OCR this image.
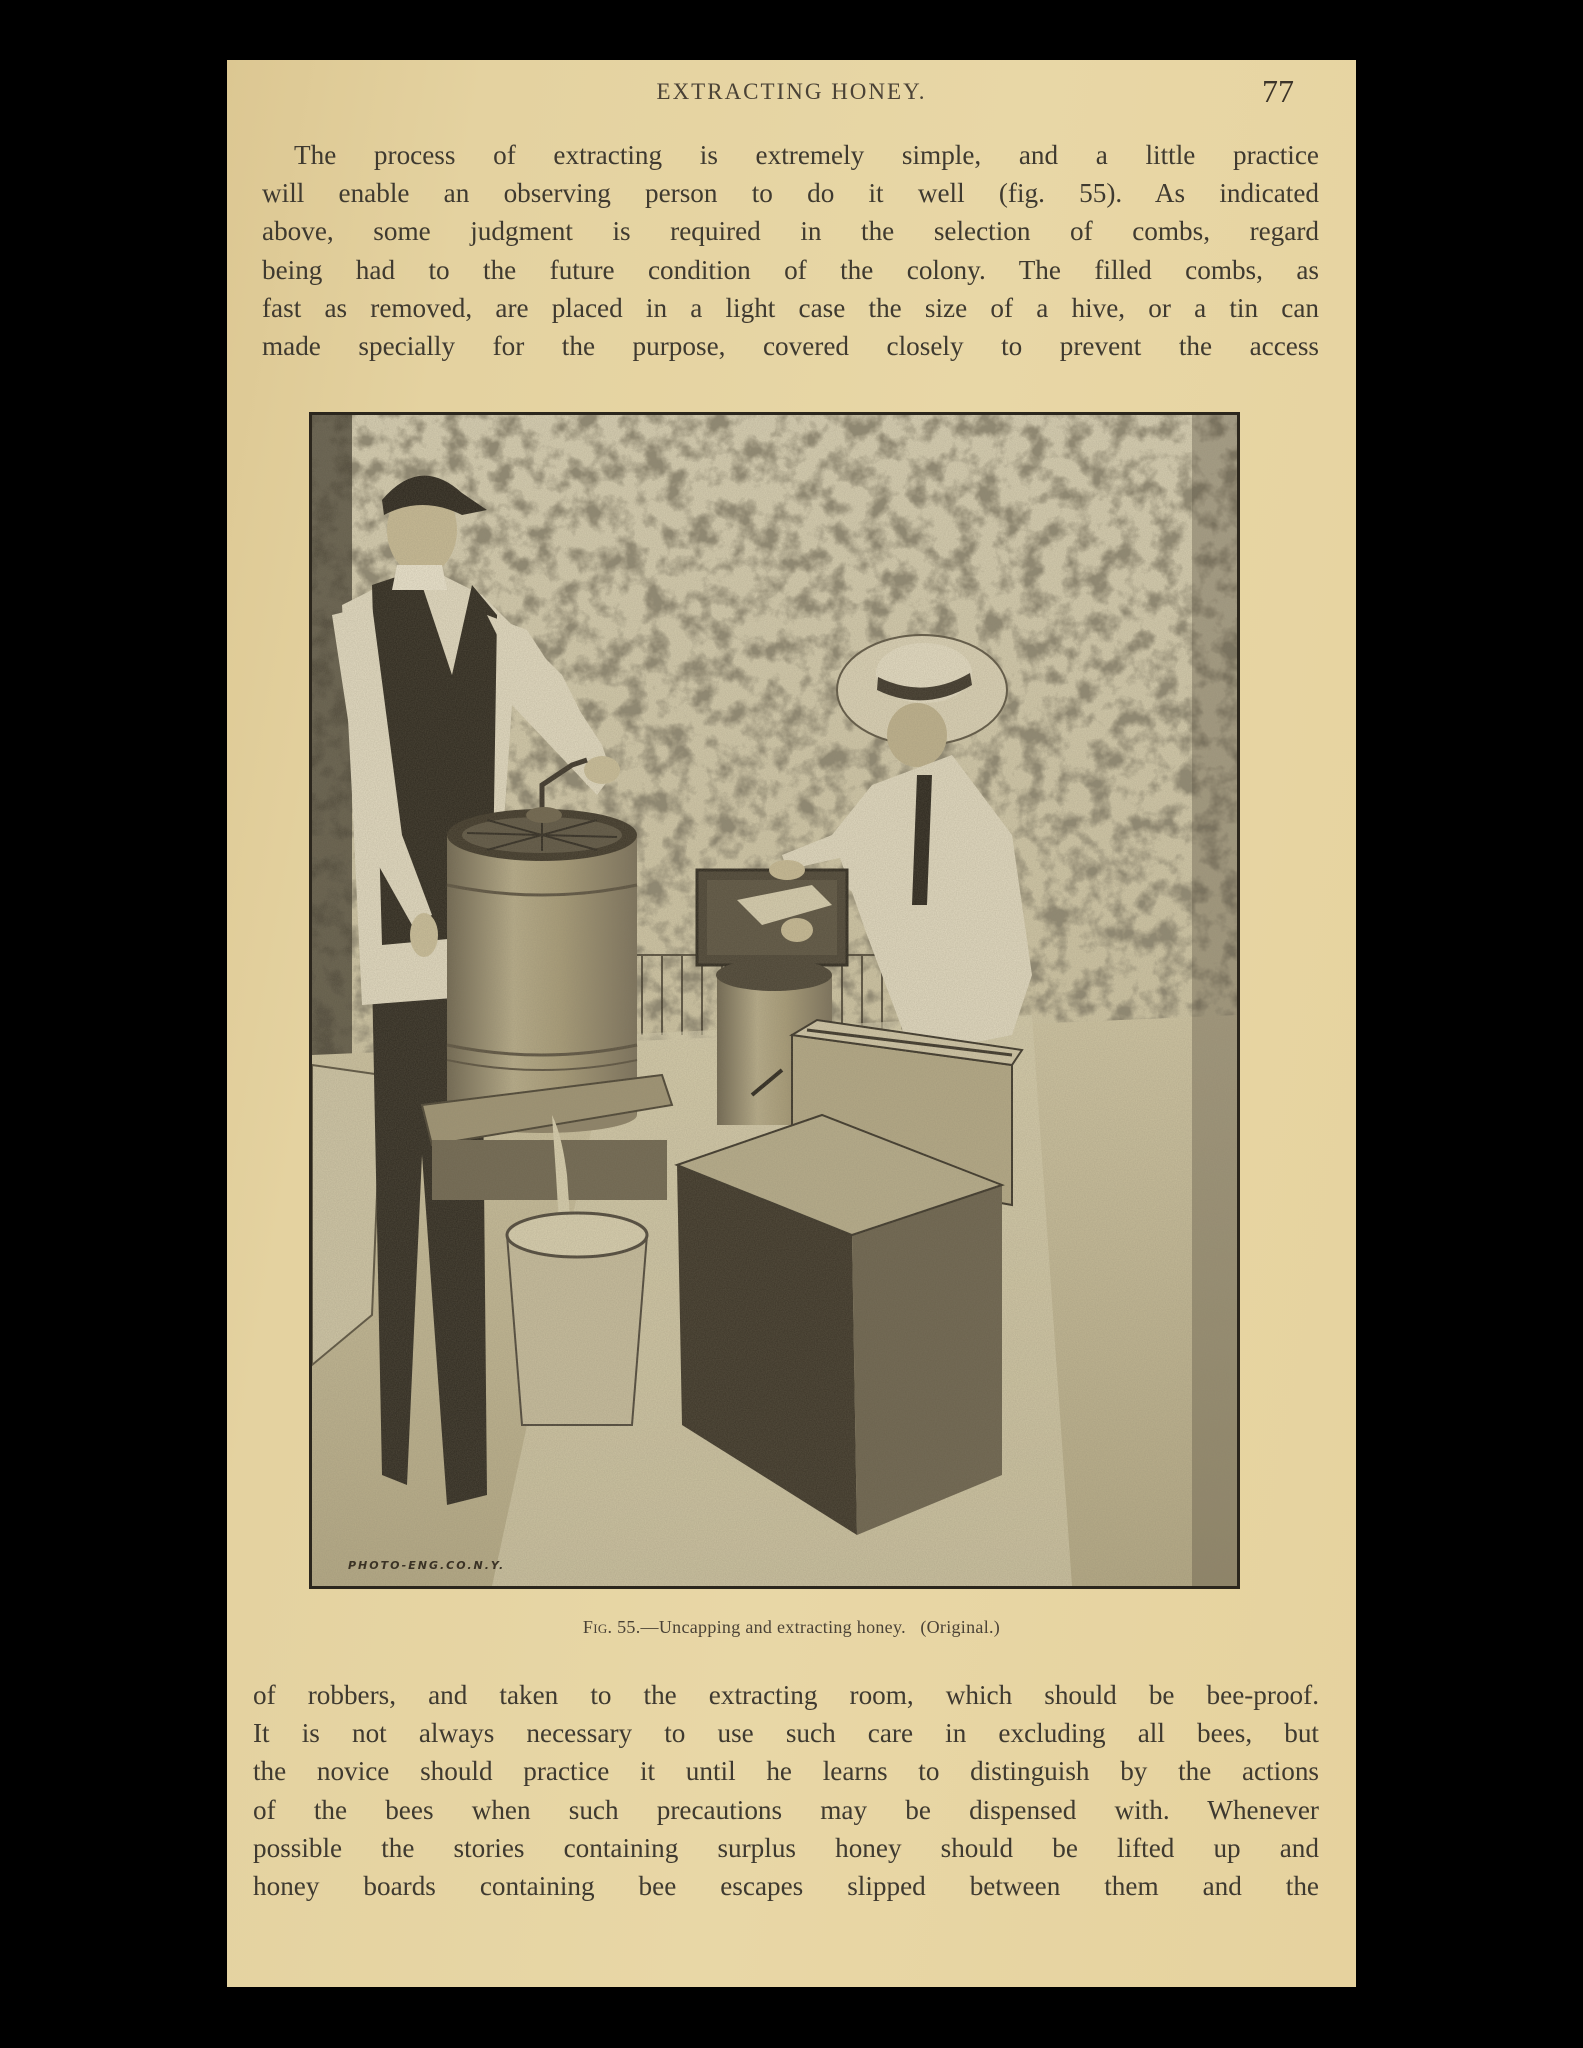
EXTRACTING HONEY.	77

The process of extracting is extremely simple, and a little practice
will enable an observing person to do it well (fig. 55). As indicated
above, some judgment is required in the selection of combs, regard
being had to the future condition of the colony. The filled combs, as
fast as removed, are placed in a light case the size of a hive, or a tin can
made specially for the purpose, covered closely to prevent the access

PHOTO-ENG.CO.N.Y.
Fig. 55.—Uncapping and extracting honey. (Original.)

of robbers, and taken to the extracting room, which should be bee-proof.
It is not always necessary to use such care in excluding all bees, but
the novice should practice it until he learns to distinguish by the actions
of the bees when such precautions may be dispensed with. Whenever
possible the stories containing surplus honey should be lifted up and
honey boards containing bee escapes slipped between them and the
